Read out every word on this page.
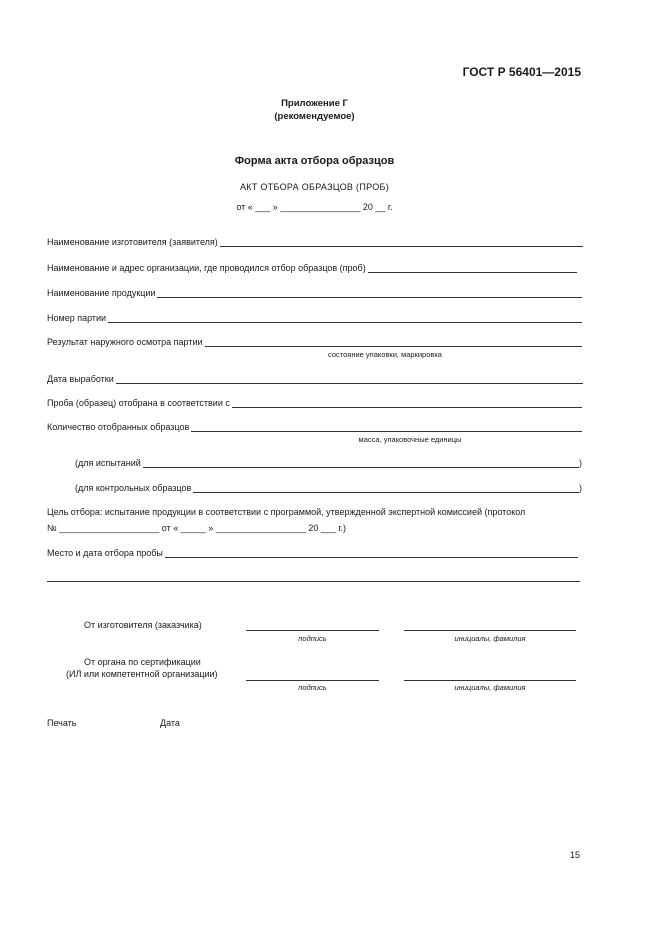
ГОСТ Р 56401—2015
Приложение Г
(рекомендуемое)
Форма акта отбора образцов
АКТ ОТБОРА ОБРАЗЦОВ (ПРОБ)
от « ___ » ________________ 20 __ г.
Наименование изготовителя (заявителя)
Наименование и адрес организации, где проводился отбор образцов (проб)
Наименование продукции
Номер партии
Результат наружного осмотра партии
состояние упаковки, маркировка
Дата выработки
Проба (образец) отобрана в соответствии с
Количество отобранных образцов
масса, упаковочные единицы
(для испытаний	)
(для контрольных образцов	)
Цель отбора: испытание продукции в соответствии с программой, утвержденной экспертной комиссией (протокол
№ ____________________ от « _____ » __________________ 20 ___ г.)
Место и дата отбора пробы
От изготовителя (заказчика)
подпись	инициалы, фамилия
От органа по сертификации
(ИЛ или компетентной организации)
подпись	инициалы, фамилия
Печать	Дата
15
